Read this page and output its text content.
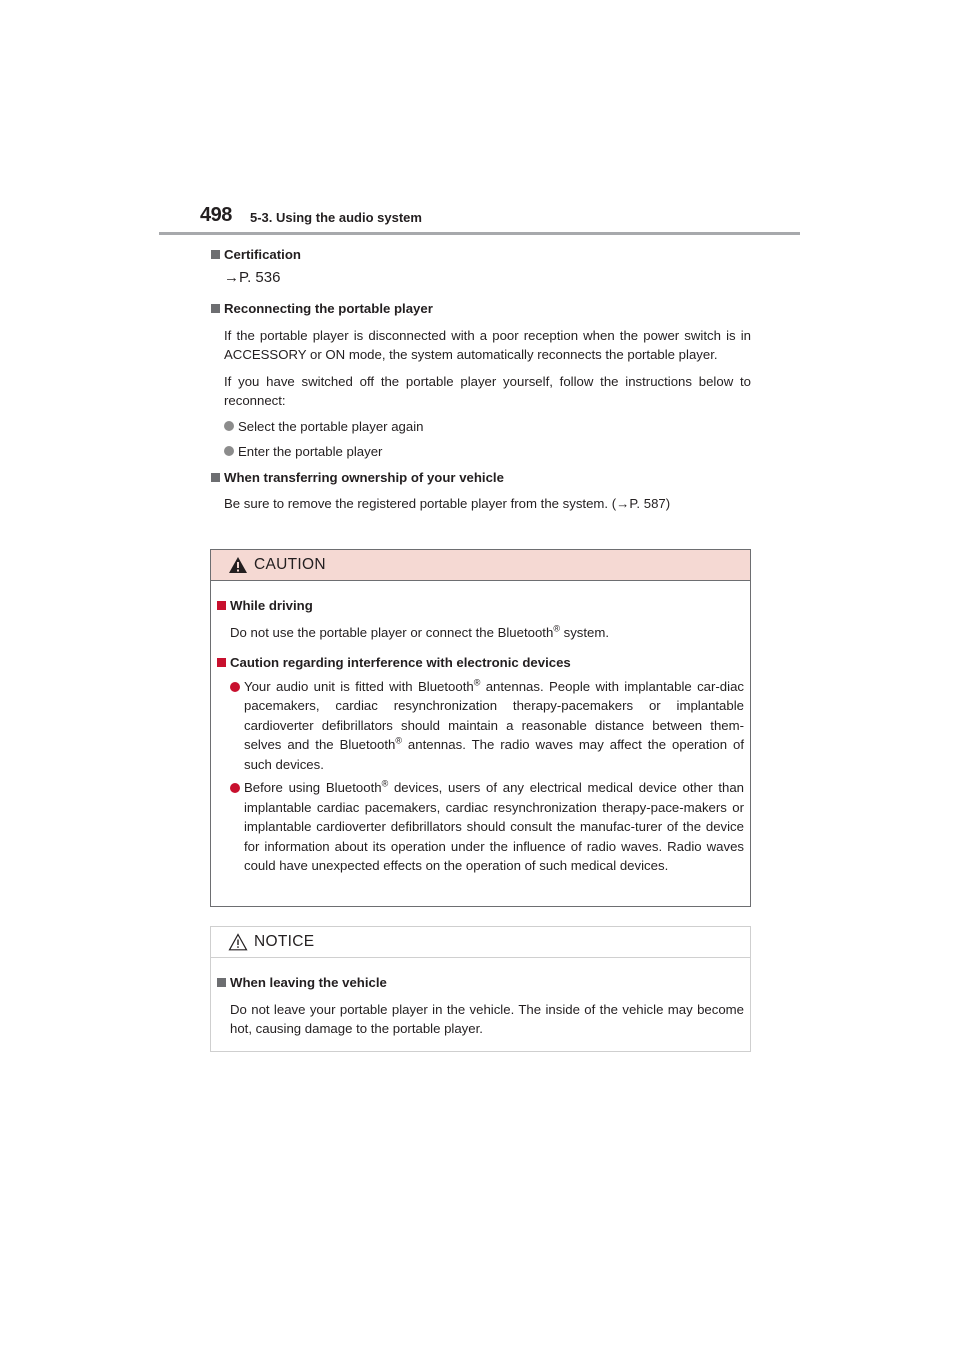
498 5-3. Using the audio system

Certification

→P. 536

Reconnecting the portable player

If the portable player is disconnected with a poor reception when the power switch is in ACCESSORY or ON mode, the system automatically reconnects the portable player.

If you have switched off the portable player yourself, follow the instructions below to reconnect:

Select the portable player again
Enter the portable player

When transferring ownership of your vehicle

Be sure to remove the registered portable player from the system. (→P. 587)

CAUTION

While driving

Do not use the portable player or connect the Bluetooth® system.

Caution regarding interference with electronic devices

Your audio unit is fitted with Bluetooth® antennas. People with implantable car-diac pacemakers, cardiac resynchronization therapy-pacemakers or implantable cardioverter defibrillators should maintain a reasonable distance between them-selves and the Bluetooth® antennas. The radio waves may affect the operation of such devices.
Before using Bluetooth® devices, users of any electrical medical device other than implantable cardiac pacemakers, cardiac resynchronization therapy-pace-makers or implantable cardioverter defibrillators should consult the manufac-turer of the device for information about its operation under the influence of radio waves. Radio waves could have unexpected effects on the operation of such medical devices.
NOTICE

When leaving the vehicle

Do not leave your portable player in the vehicle. The inside of the vehicle may become hot, causing damage to the portable player.
